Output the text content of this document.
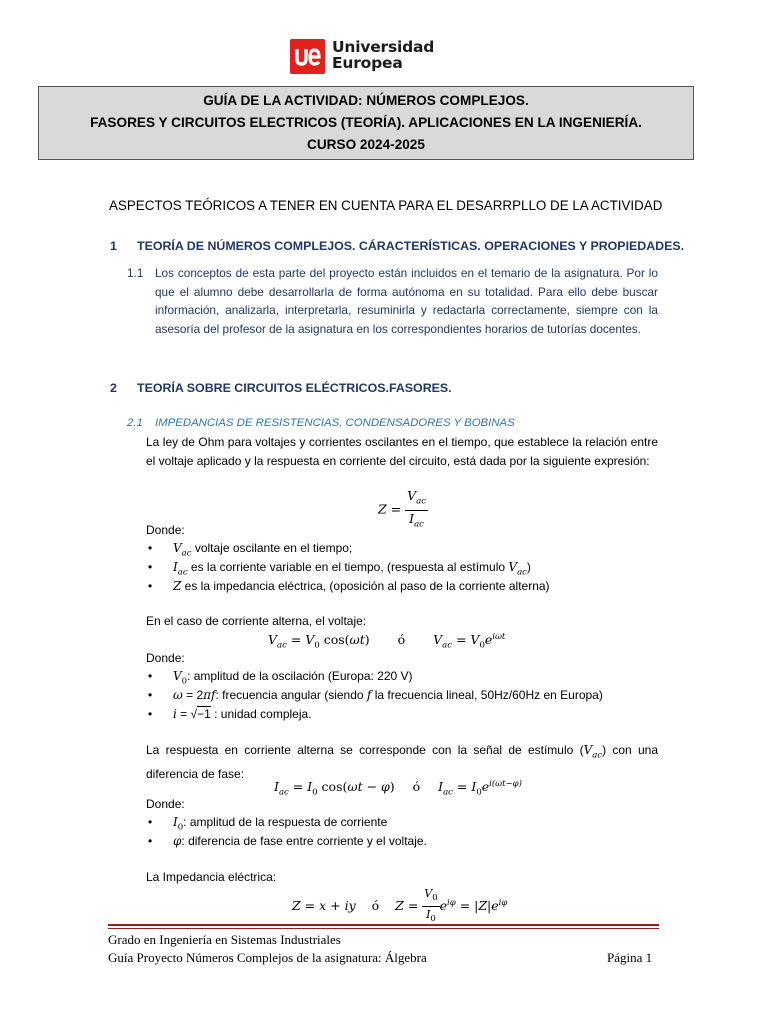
Universidad
Europea
GUÍA DE LA ACTIVIDAD: NÚMEROS COMPLEJOS.
FASORES Y CIRCUITOS ELECTRICOS (TEORÍA). APLICACIONES EN LA INGENIERÍA.
CURSO 2024-2025
ASPECTOS TEÓRICOS A TENER EN CUENTA PARA EL DESARRPLLO DE LA ACTIVIDAD
1 TEORÍA DE NÚMEROS COMPLEJOS. CÁRACTERÍSTICAS. OPERACIONES Y PROPIEDADES.
1.1 Los conceptos de esta parte del proyecto están incluidos en el temario de la asignatura. Por lo que el alumno debe desarrollarla de forma autónoma en su totalidad. Para ello debe buscar información, analizarla, interpretarla, resuminirla y redactarla correctamente, siempre con la asesoría del profesor de la asignatura en los correspondientes horarios de tutorías docentes.
2 TEORÍA SOBRE CIRCUITOS ELÉCTRICOS.FASORES.
2.1 IMPEDANCIAS DE RESISTENCIAS, CONDENSADORES Y BOBINAS
La ley de Ohm para voltajes y corrientes oscilantes en el tiempo, que establece la relación entre el voltaje aplicado y la respuesta en corriente del circuito, está dada por la siguiente expresión:
$Z = \frac{V_{ac}}{I_{ac}}$
Donde:
• $V_{ac}$ voltaje oscilante en el tiempo;
• $I_{ac}$ es la corriente variable en el tiempo, (respuesta al estímulo $V_{ac}$)
• Z es la impedancia eléctrica, (oposición al paso de la corriente alterna)
En el caso de corriente alterna, el voltaje:
$V_{ac} = V_0$ cos(ωt) ó $V_{ac} = V_0e^{i\omega t}$
Donde:
• $V_0$: amplitud de la oscilación (Europa: 220 V)
• ω = 2πf: frecuencia angular (siendo f la frecuencia lineal, 50Hz/60Hz en Europa)
• i = √−1 : unidad compleja.
La respuesta en corriente alterna se corresponde con la señal de estímulo $(V_{ac})$ con una diferencia de fase:
$I_{ac} = I_0$ cos(ωt − φ) ó $I_{ac} = I_0e^{i(\omega t-\varphi)}$
Donde:
• $I_0$: amplitud de la respuesta de corriente
• φ: diferencia de fase entre corriente y el voltaje.
La Impedancia eléctrica:
Z = x + iy ó $Z = \frac{V_0}{I_0} e^{i\varphi} = |Z|e^{i\varphi}$
Grado en Ingeniería en Sistemas Industriales
Guía Proyecto Números Complejos de la asignatura: Álgebra	Página 1
